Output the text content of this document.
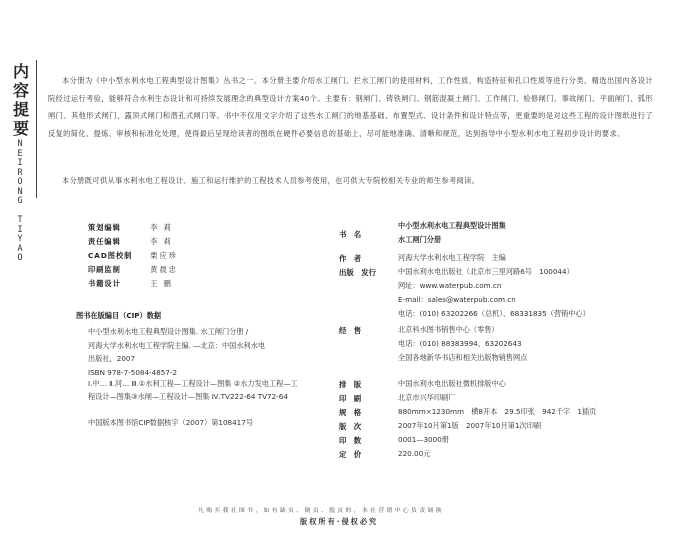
内
容
提
要
N
E
I
R
O
N
G

T
I
Y
A
O
本分册为《中小型水利水电工程典型设计图集》丛书之一。本分册主要介绍水工闸门、拦水工闸门的使用材料，工作性质、构造特征和孔口性质等进行分类，精选出国内各设计院经过运行考验，能够符合水利生态设计和可持续发展理念的典型设计方案40个。主要有：钢闸门、铸铁闸门、钢筋混凝土闸门、工作闸门、检修闸门、事故闸门、平面闸门、弧形闸门、其他形式闸门、露顶式闸门和潜孔式闸门等。书中不仅用文字介绍了这些水工闸门的地基基础、布置型式、设计条件和设计特点等，更重要的是对这些工程的设计图纸进行了反复的简化、提炼、审核和标准化处理，使得最后呈现给读者的图纸在硬件必要信息的基础上，尽可能地准确、清晰和规范，达到指导中小型水利水电工程初步设计的要求。
本分册既可供从事水利水电工程设计、施工和运行维护的工程技术人员参考使用，也可供大专院校相关专业的师生参考阅读。
策划编辑	李 莉
责任编辑	李 莉
CAD图校制 栗应珍
印刷监制	黄晨忠
书籍设计	王 鹏
图书在版编目（CIP）数据
中小型水利水电工程典型设计图集. 水工闸门分册 /
河海大学水利水电工程学院主编. —北京：中国水利水电
出版社，2007
ISBN 978-7-5084-4857-2
Ⅰ.中… Ⅱ.河… Ⅲ.①水利工程—工程设计—图集 ②水力发电工程—工程设计—图集③水闸—工程设计—图集 Ⅳ.TV222-64 TV72-64
中国版本图书馆CIP数据核字（2007）第108417号
书　名
中小型水利水电工程典型设计图集
水工闸门分册
作　者	河海大学水利水电工程学院　主编
出版　发行	中国水利水电出版社（北京市三里河路6号　100044）
网址：www.waterpub.com.cn
E-mail：sales@waterpub.com.cn
电话：(010) 63202266（总机）、68331835（营销中心）
经　售	北京科水图书销售中心（零售）
电话：(010) 88383994、63202643
全国各地新华书店和相关出版物销售网点
排　版	中国水利水电出版社微机排版中心
印　刷	北京市兴华印刷厂
规　格	880mm×1230mm　横8开本　29.5印张　942千字　1插页
版　次	2007年10月第1版　2007年10月第1次印刷
印　数	0001—3000册
定　价	220.00元
凡购买我社图书，如有缺页、倒页、脱页的，本社营销中心负责调换
版权所有·侵权必究
